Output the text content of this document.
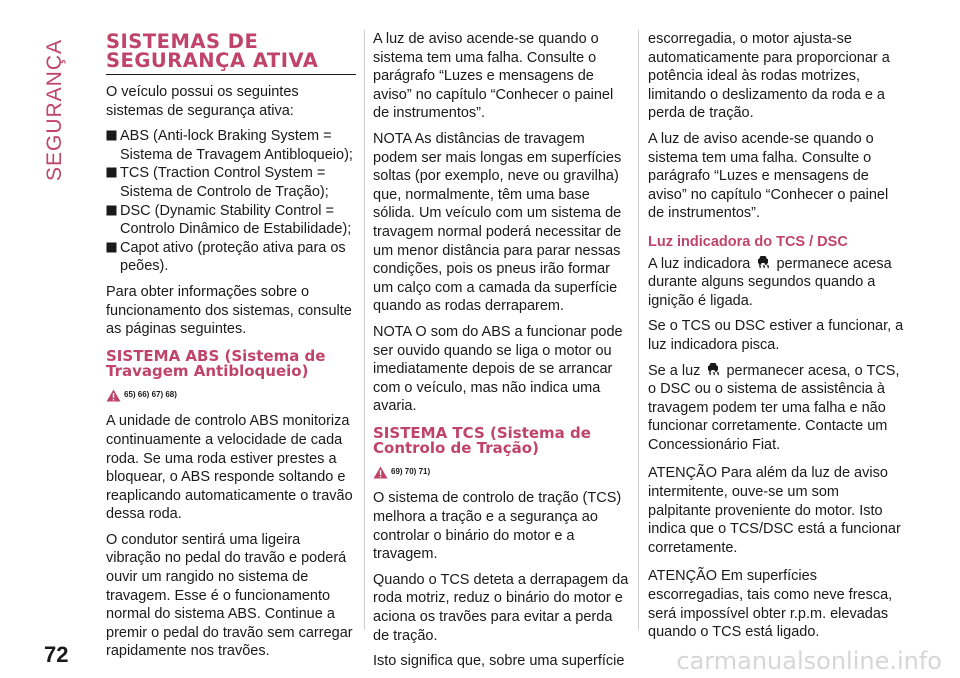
SEGURANÇA SISTEMAS DE SEGURANÇA ATIVA

O veículo possui os seguintes sistemas de segurança ativa:

ABS (Anti-lock Braking System = Sistema de Travagem Antibloqueio);
TCS (Traction Control System = Sistema de Controlo de Tração);
DSC (Dynamic Stability Control = Controlo Dinâmico de Estabilidade);
Capot ativo (proteção ativa para os peões).

Para obter informações sobre o funcionamento dos sistemas, consulte as páginas seguintes.

SISTEMA ABS (Sistema de Travagem Antibloqueio)
65) 66) 67) 68)

A unidade de controlo ABS monitoriza continuamente a velocidade de cada roda. Se uma roda estiver prestes a bloquear, o ABS responde soltando e reaplicando automaticamente o travão dessa roda.

O condutor sentirá uma ligeira vibração no pedal do travão e poderá ouvir um rangido no sistema de travagem. Esse é o funcionamento normal do sistema ABS. Continue a premir o pedal do travão sem carregar rapidamente nos travões.

A luz de aviso acende-se quando o sistema tem uma falha. Consulte o parágrafo “Luzes e mensagens de aviso” no capítulo “Conhecer o painel de instrumentos”.

NOTA As distâncias de travagem podem ser mais longas em superfícies soltas (por exemplo, neve ou gravilha) que, normalmente, têm uma base sólida. Um veículo com um sistema de travagem normal poderá necessitar de um menor distância para parar nessas condições, pois os pneus irão formar um calço com a camada da superfície quando as rodas derraparem.

NOTA O som do ABS a funcionar pode ser ouvido quando se liga o motor ou imediatamente depois de se arrancar com o veículo, mas não indica uma avaria.

SISTEMA TCS (Sistema de Controlo de Tração)
69) 70) 71)

O sistema de controlo de tração (TCS) melhora a tração e a segurança ao controlar o binário do motor e a travagem.

Quando o TCS deteta a derrapagem da roda motriz, reduz o binário do motor e aciona os travões para evitar a perda de tração.

Isto significa que, sobre uma superfície

escorregadia, o motor ajusta-se automaticamente para proporcionar a potência ideal às rodas motrizes, limitando o deslizamento da roda e a perda de tração.

A luz de aviso acende-se quando o sistema tem uma falha. Consulte o parágrafo “Luzes e mensagens de aviso” no capítulo “Conhecer o painel de instrumentos”.

Luz indicadora do TCS / DSC

A luz indicadora permanece acesa durante alguns segundos quando a ignição é ligada.

Se o TCS ou DSC estiver a funcionar, a luz indicadora pisca.

Se a luz permanecer acesa, o TCS, o DSC ou o sistema de assistência à travagem podem ter uma falha e não funcionar corretamente. Contacte um Concessionário Fiat.

ATENÇÃO Para além da luz de aviso intermitente, ouve-se um som palpitante proveniente do motor. Isto indica que o TCS/DSC está a funcionar corretamente.

ATENÇÃO Em superfícies escorregadias, tais como neve fresca, será impossível obter r.p.m. elevadas quando o TCS está ligado.

72	carmanualsonline.info
